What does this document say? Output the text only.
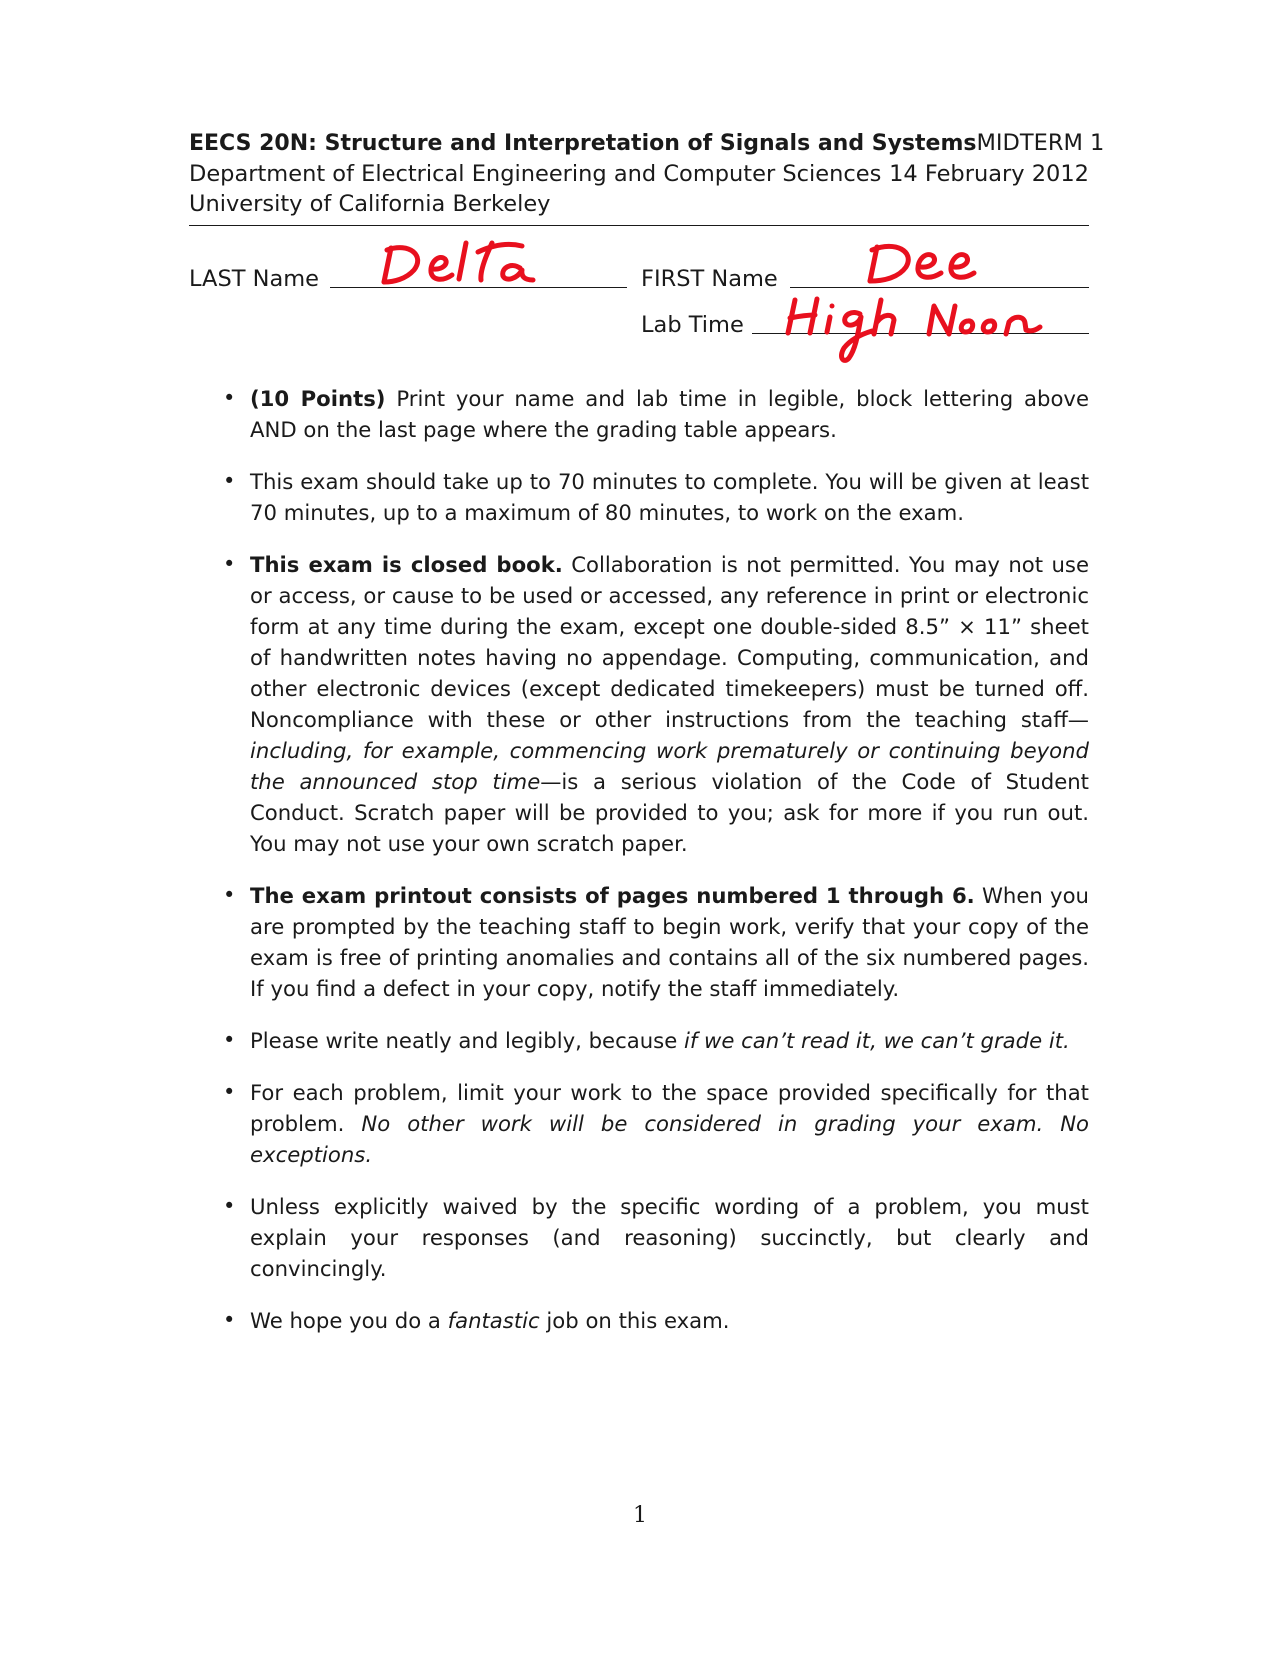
EECS 20N: Structure and Interpretation of Signals and Systems MIDTERM 1
Department of Electrical Engineering and Computer Sciences 14 February 2012
University of California Berkeley
LAST Name	FIRST Name
Lab Time
• (10 Points) Print your name and lab time in legible, block lettering above AND on the last page where the grading table appears.
• This exam should take up to 70 minutes to complete. You will be given at least 70 minutes, up to a maximum of 80 minutes, to work on the exam.
• This exam is closed book. Collaboration is not permitted. You may not use or access, or cause to be used or accessed, any reference in print or electronic form at any time during the exam, except one double-sided 8.5” × 11” sheet of handwritten notes having no appendage. Computing, communication, and other electronic devices (except dedicated timekeepers) must be turned off. Noncompliance with these or other instructions from the teaching staff—including, for example, commencing work prematurely or continuing beyond the announced stop time—is a serious violation of the Code of Student Conduct. Scratch paper will be provided to you; ask for more if you run out. You may not use your own scratch paper.
• The exam printout consists of pages numbered 1 through 6. When you are prompted by the teaching staff to begin work, verify that your copy of the exam is free of printing anomalies and contains all of the six numbered pages. If you find a defect in your copy, notify the staff immediately.
• Please write neatly and legibly, because if we can’t read it, we can’t grade it.
• For each problem, limit your work to the space provided specifically for that problem. No other work will be considered in grading your exam. No exceptions.
• Unless explicitly waived by the specific wording of a problem, you must explain your responses (and reasoning) succinctly, but clearly and convincingly.
• We hope you do a fantastic job on this exam.
1
